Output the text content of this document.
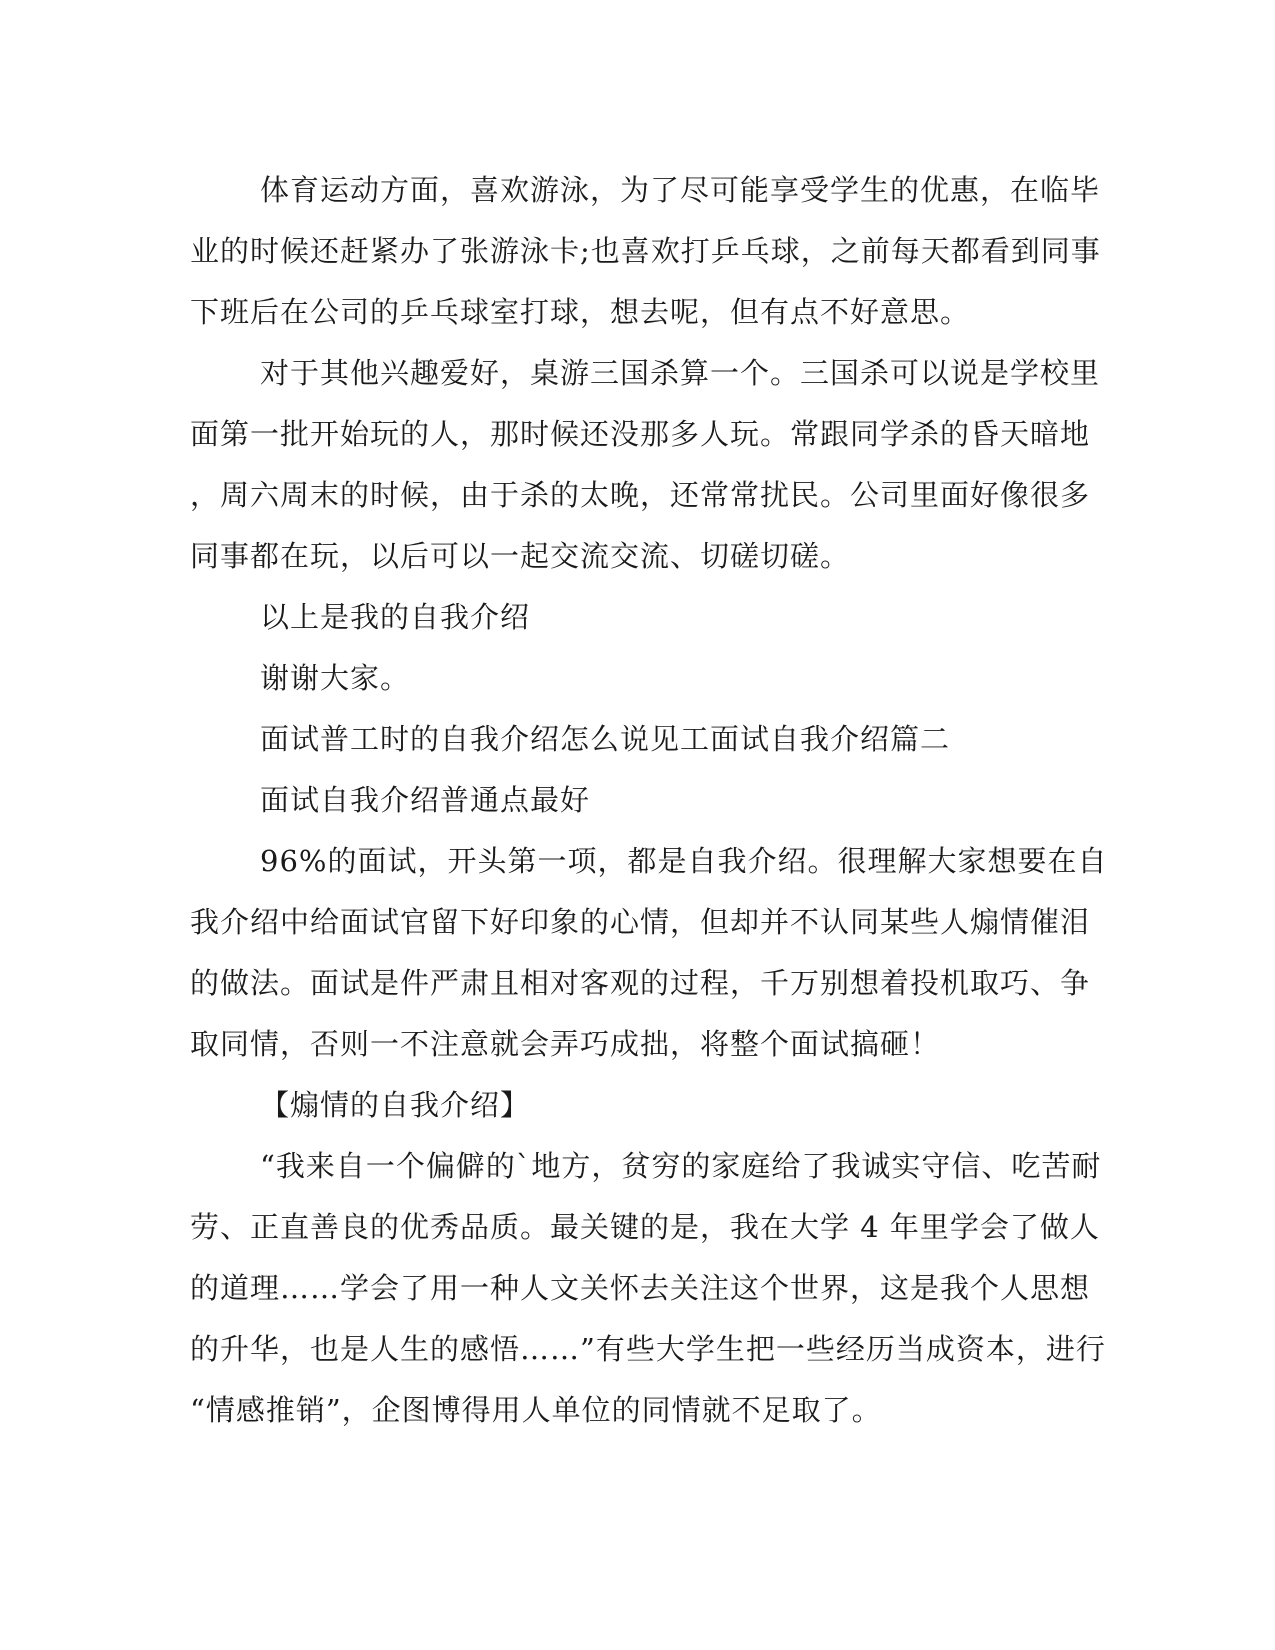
体育运动方面，喜欢游泳，为了尽可能享受学生的优惠，在临毕
业的时候还赶紧办了张游泳卡;也喜欢打乒乓球，之前每天都看到同事
下班后在公司的乒乓球室打球，想去呢，但有点不好意思。
对于其他兴趣爱好，桌游三国杀算一个。三国杀可以说是学校里
面第一批开始玩的人，那时候还没那多人玩。常跟同学杀的昏天暗地
，周六周末的时候，由于杀的太晚，还常常扰民。公司里面好像很多
同事都在玩，以后可以一起交流交流、切磋切磋。
以上是我的自我介绍
谢谢大家。
面试普工时的自我介绍怎么说见工面试自我介绍篇二
面试自我介绍普通点最好
96%的面试，开头第一项，都是自我介绍。很理解大家想要在自
我介绍中给面试官留下好印象的心情，但却并不认同某些人煽情催泪
的做法。面试是件严肃且相对客观的过程，千万别想着投机取巧、争
取同情，否则一不注意就会弄巧成拙，将整个面试搞砸！
【煽情的自我介绍】
“我来自一个偏僻的`地方，贫穷的家庭给了我诚实守信、吃苦耐
劳、正直善良的优秀品质。最关键的是，我在大学 4 年里学会了做人
的道理……学会了用一种人文关怀去关注这个世界，这是我个人思想
的升华，也是人生的感悟……”有些大学生把一些经历当成资本，进行
“情感推销”，企图博得用人单位的同情就不足取了。
